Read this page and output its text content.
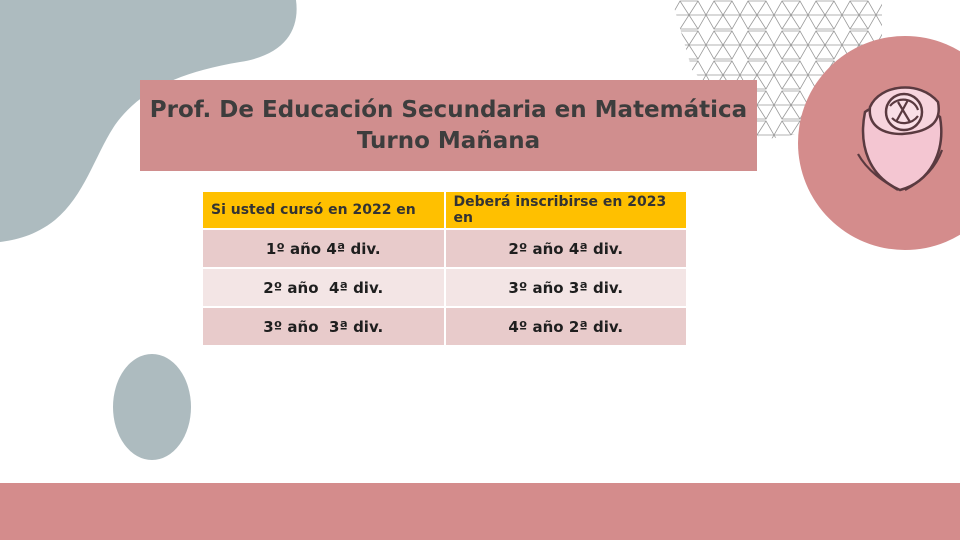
Prof. De Educación Secundaria en Matemática
Turno Mañana
Si usted cursó en 2022 en	Deberá inscribirse en 2023 en
1º año 4ª div.	2º año 4ª div.
2º año  4ª div.	3º año 3ª div.
3º año  3ª div.	4º año 2ª div.
